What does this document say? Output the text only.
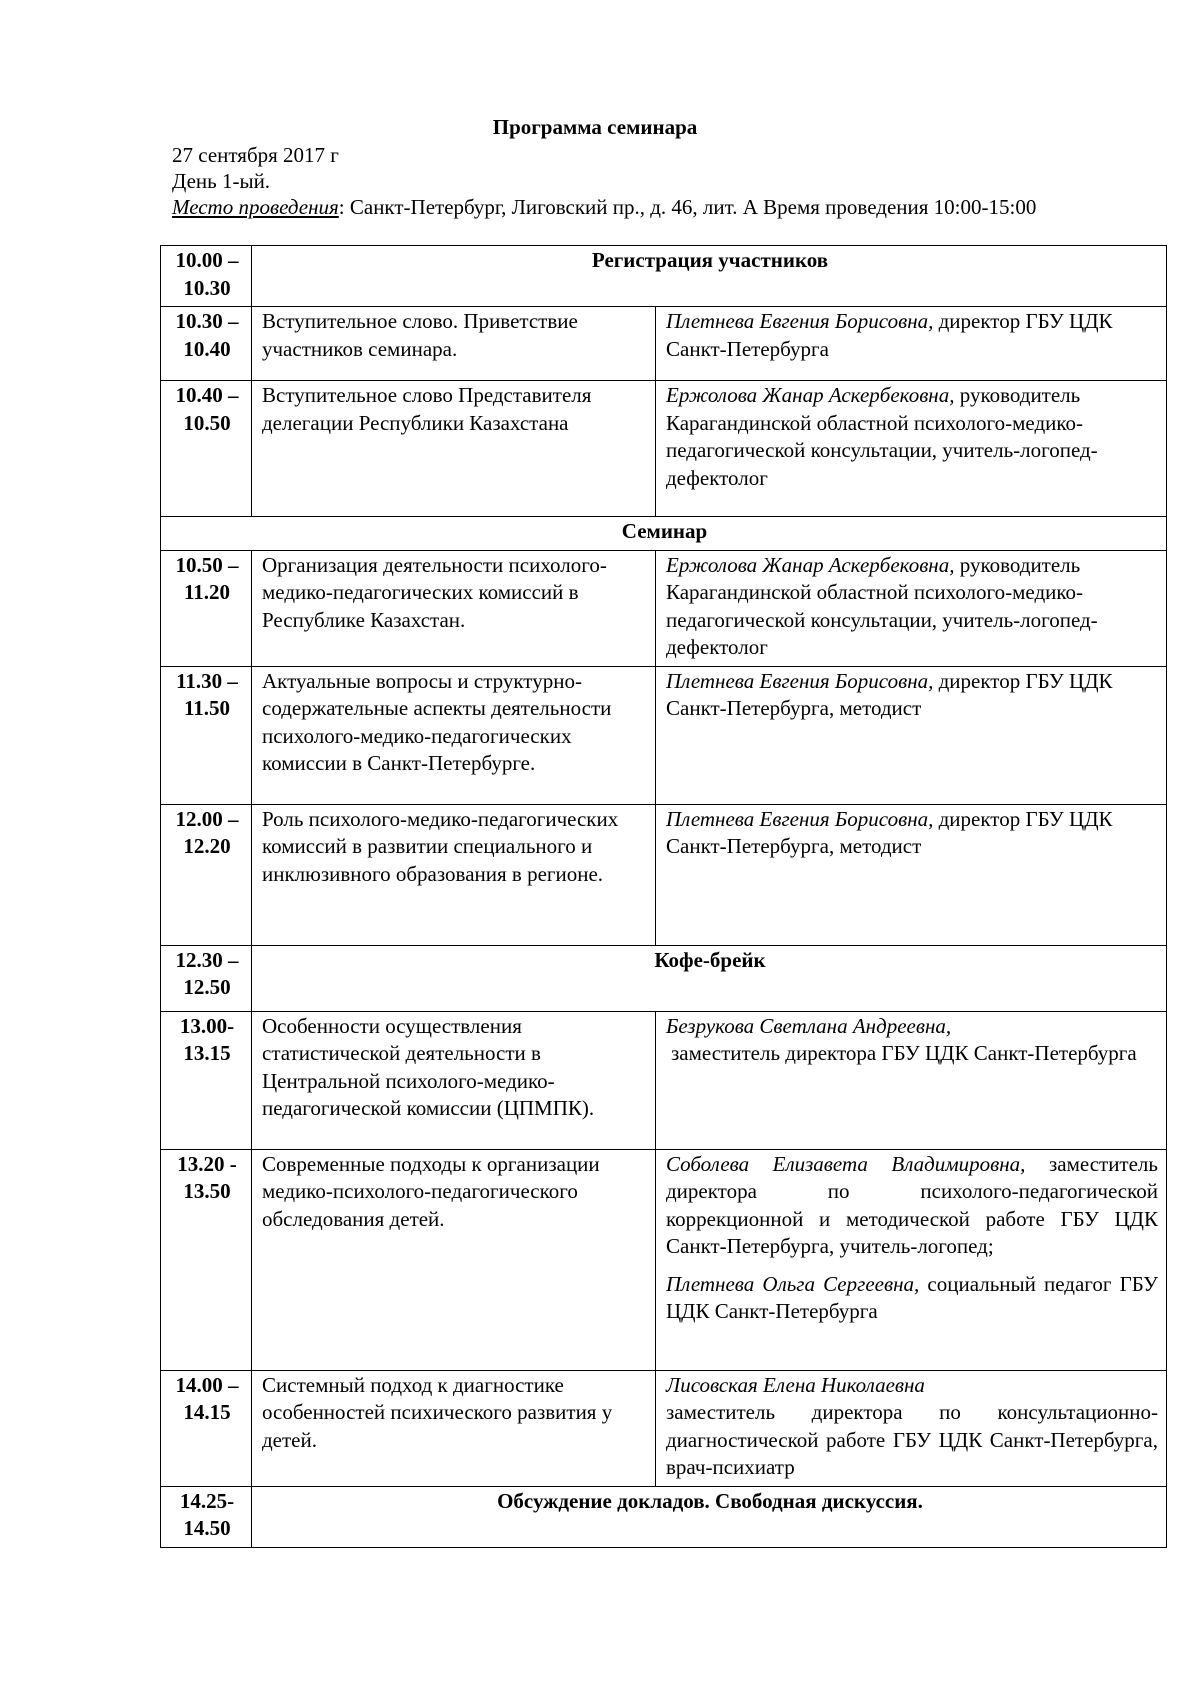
Программа семинара
27 сентября 2017 г
День 1-ый.
Место проведения: Санкт-Петербург, Лиговский пр., д. 46, лит. А Время проведения 10:00-15:00
10.00 – 10.30	Регистрация участников	
10.30 – 10.40	Вступительное слово. Приветствие участников семинара.	Плетнева Евгения Борисовна, директор ГБУ ЦДК Санкт-Петербурга
10.40 – 10.50	Вступительное слово Представителя делегации Республики Казахстана	Ержолова Жанар Аскербековна, руководитель Карагандинской областной психолого-медико-педагогической консультации, учитель-логопед-дефектолог
Семинар		
10.50 – 11.20	Организация деятельности психолого-медико-педагогических комиссий в Республике Казахстан.	Ержолова Жанар Аскербековна, руководитель Карагандинской областной психолого-медико-педагогической консультации, учитель-логопед-дефектолог
11.30 – 11.50	Актуальные вопросы и структурно-содержательные аспекты деятельности психолого-медико-педагогических комиссии в Санкт-Петербурге.	Плетнева Евгения Борисовна, директор ГБУ ЦДК Санкт-Петербурга, методист
12.00 – 12.20	Роль психолого-медико-педагогических комиссий в развитии специального и инклюзивного образования в регионе.	Плетнева Евгения Борисовна, директор ГБУ ЦДК Санкт-Петербурга, методист
12.30 – 12.50	Кофе-брейк	
13.00-13.15	Особенности осуществления статистической деятельности в Центральной психолого-медико-педагогической комиссии (ЦПМПК).	Безрукова Светлана Андреевна,
заместитель директора ГБУ ЦДК Санкт-Петербурга

13.20 - 13.50	Современные подходы к организации медико-психолого-педагогического обследования детей.	Соболева Елизавета Владимировна, заместитель директора по психолого-педагогической коррекционной и методической работе ГБУ ЦДК Санкт-Петербурга, учитель-логопед;
Плетнева Ольга Сергеевна, социальный педагог ГБУ ЦДК Санкт-Петербурга

14.00 – 14.15	Системный подход к диагностике особенностей психического развития у детей.	Лисовская Елена Николаевна
заместитель директора по консультационно-диагностической работе ГБУ ЦДК Санкт-Петербурга, врач-психиатр

14.25-14.50	Обсуждение докладов. Свободная дискуссия.	
